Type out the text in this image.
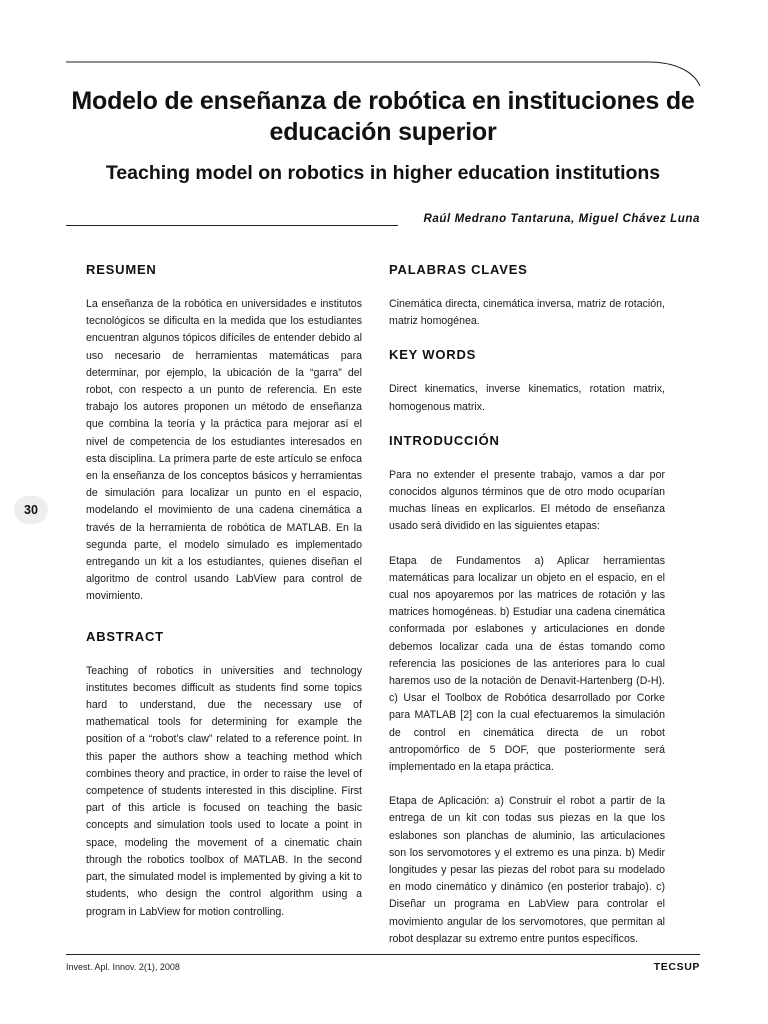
Modelo de enseñanza de robótica en instituciones de educación superior
Teaching model on robotics in higher education institutions
Raúl Medrano Tantaruna, Miguel Chávez Luna
RESUMEN

La enseñanza de la robótica en universidades e institutos tecnológicos se dificulta en la medida que los estudiantes encuentran algunos tópicos difíciles de entender debido al uso necesario de herramientas matemáticas para determinar, por ejemplo, la ubicación de la “garra” del robot, con respecto a un punto de referencia. En este trabajo los autores proponen un método de enseñanza que combina la teoría y la práctica para mejorar así el nivel de competencia de los estudiantes interesados en esta disciplina. La primera parte de este artículo se enfoca en la enseñanza de los conceptos básicos y herramientas de simulación para localizar un punto en el espacio, modelando el movimiento de una cadena cinemática a través de la herramienta de robótica de MATLAB. En la segunda parte, el modelo simulado es implementado entregando un kit a los estudiantes, quienes diseñan el algoritmo de control usando LabView para control de movimiento.

ABSTRACT

Teaching of robotics in universities and technology institutes becomes difficult as students find some topics hard to understand, due the necessary use of mathematical tools for determining for example the position of a “robot’s claw” related to a reference point. In this paper the authors show a teaching method which combines theory and practice, in order to raise the level of competence of students interested in this discipline. First part of this article is focused on teaching the basic concepts and simulation tools used to locate a point in space, modeling the movement of a cinematic chain through the robotics toolbox of MATLAB. In the second part, the simulated model is implemented by giving a kit to students, who design the control algorithm using a program in LabView for motion controlling.

PALABRAS CLAVES

Cinemática directa, cinemática inversa, matriz de rotación, matriz homogénea.

KEY WORDS

Direct kinematics, inverse kinematics, rotation matrix, homogenous matrix.

INTRODUCCIÓN

Para no extender el presente trabajo, vamos a dar por conocidos algunos términos que de otro modo ocuparían muchas líneas en explicarlos. El método de enseñanza usado será dividido en las siguientes etapas:

Etapa de Fundamentos a) Aplicar herramientas matemáticas para localizar un objeto en el espacio, en el cual nos apoyaremos por las matrices de rotación y las matrices homogéneas. b) Estudiar una cadena cinemática conformada por eslabones y articulaciones en donde debemos localizar cada una de éstas tomando como referencia las posiciones de las anteriores para lo cual haremos uso de la notación de Denavit-Hartenberg (D-H). c) Usar el Toolbox de Robótica desarrollado por Corke para MATLAB [2] con la cual efectuaremos la simulación de control en cinemática directa de un robot antropomórfico de 5 DOF, que posteriormente será implementado en la etapa práctica.

Etapa de Aplicación: a) Construir el robot a partir de la entrega de un kit con todas sus piezas en la que los eslabones son planchas de aluminio, las articulaciones son los servomotores y el extremo es una pinza. b) Medir longitudes y pesar las piezas del robot para su modelado en modo cinemático y dinámico (en posterior trabajo). c) Diseñar un programa en LabView para controlar el movimiento angular de los servomotores, que permitan al robot desplazar su extremo entre puntos específicos.

30
Invest. Apl. Innov. 2(1), 2008	TECSUP
